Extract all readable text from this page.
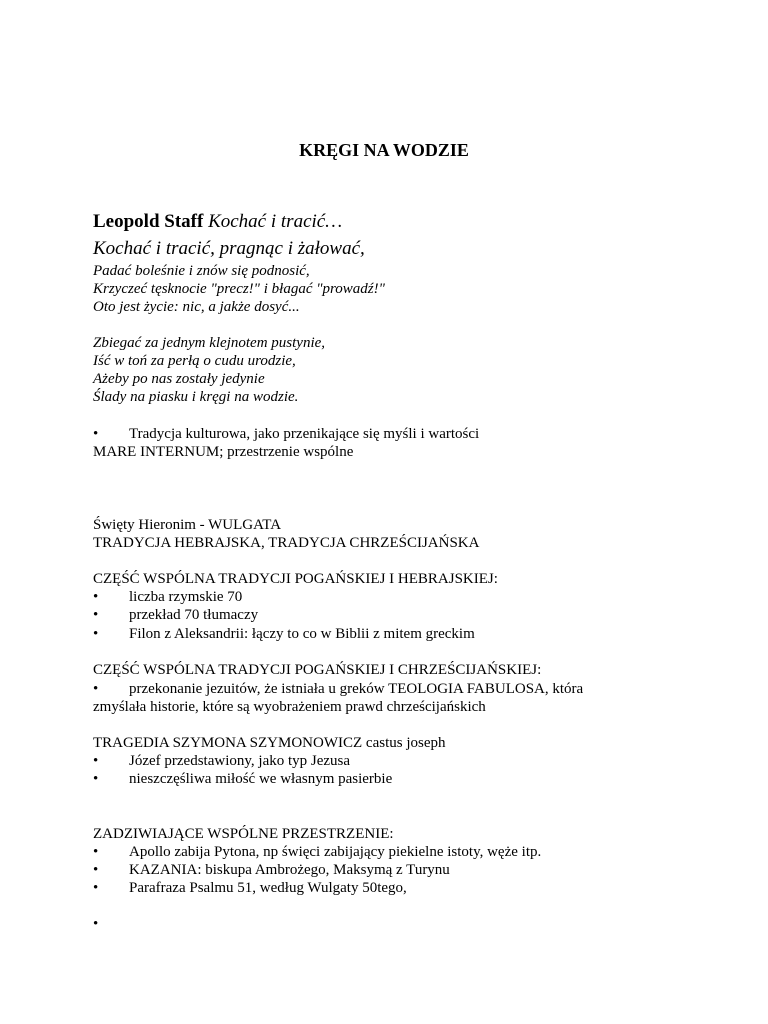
KRĘGI NA WODZIE
Leopold Staff Kochać i tracić…
Kochać i tracić, pragnąc i żałować,
Padać boleśnie i znów się podnosić,
Krzyczeć tęsknocie "precz!" i błagać "prowadź!"
Oto jest życie: nic, a jakże dosyć...
Zbiegać za jednym klejnotem pustynie,
Iść w toń za perłą o cudu urodzie,
Ażeby po nas zostały jedynie
Ślady na piasku i kręgi na wodzie.
• Tradycja kulturowa, jako przenikające się myśli i wartości
MARE INTERNUM; przestrzenie wspólne
Święty Hieronim - WULGATA
TRADYCJA HEBRAJSKA, TRADYCJA CHRZEŚCIJAŃSKA
CZĘŚĆ WSPÓLNA TRADYCJI POGAŃSKIEJ I HEBRAJSKIEJ:
• liczba rzymskie 70
• przekład 70 tłumaczy
• Filon z Aleksandrii: łączy to co w Biblii z mitem greckim
CZĘŚĆ WSPÓLNA TRADYCJI POGAŃSKIEJ I CHRZEŚCIJAŃSKIEJ:
• przekonanie jezuitów, że istniała u greków TEOLOGIA FABULOSA, która
zmyślała historie, które są wyobrażeniem prawd chrześcijańskich
TRAGEDIA SZYMONA SZYMONOWICZ castus joseph
• Józef przedstawiony, jako typ Jezusa
• nieszczęśliwa miłość we własnym pasierbie
ZADZIWIAJĄCE WSPÓLNE PRZESTRZENIE:
• Apollo zabija Pytona, np święci zabijający piekielne istoty, węże itp.
• KAZANIA: biskupa Ambrożego, Maksymą z Turynu
• Parafraza Psalmu 51, według Wulgaty 50tego,
•
